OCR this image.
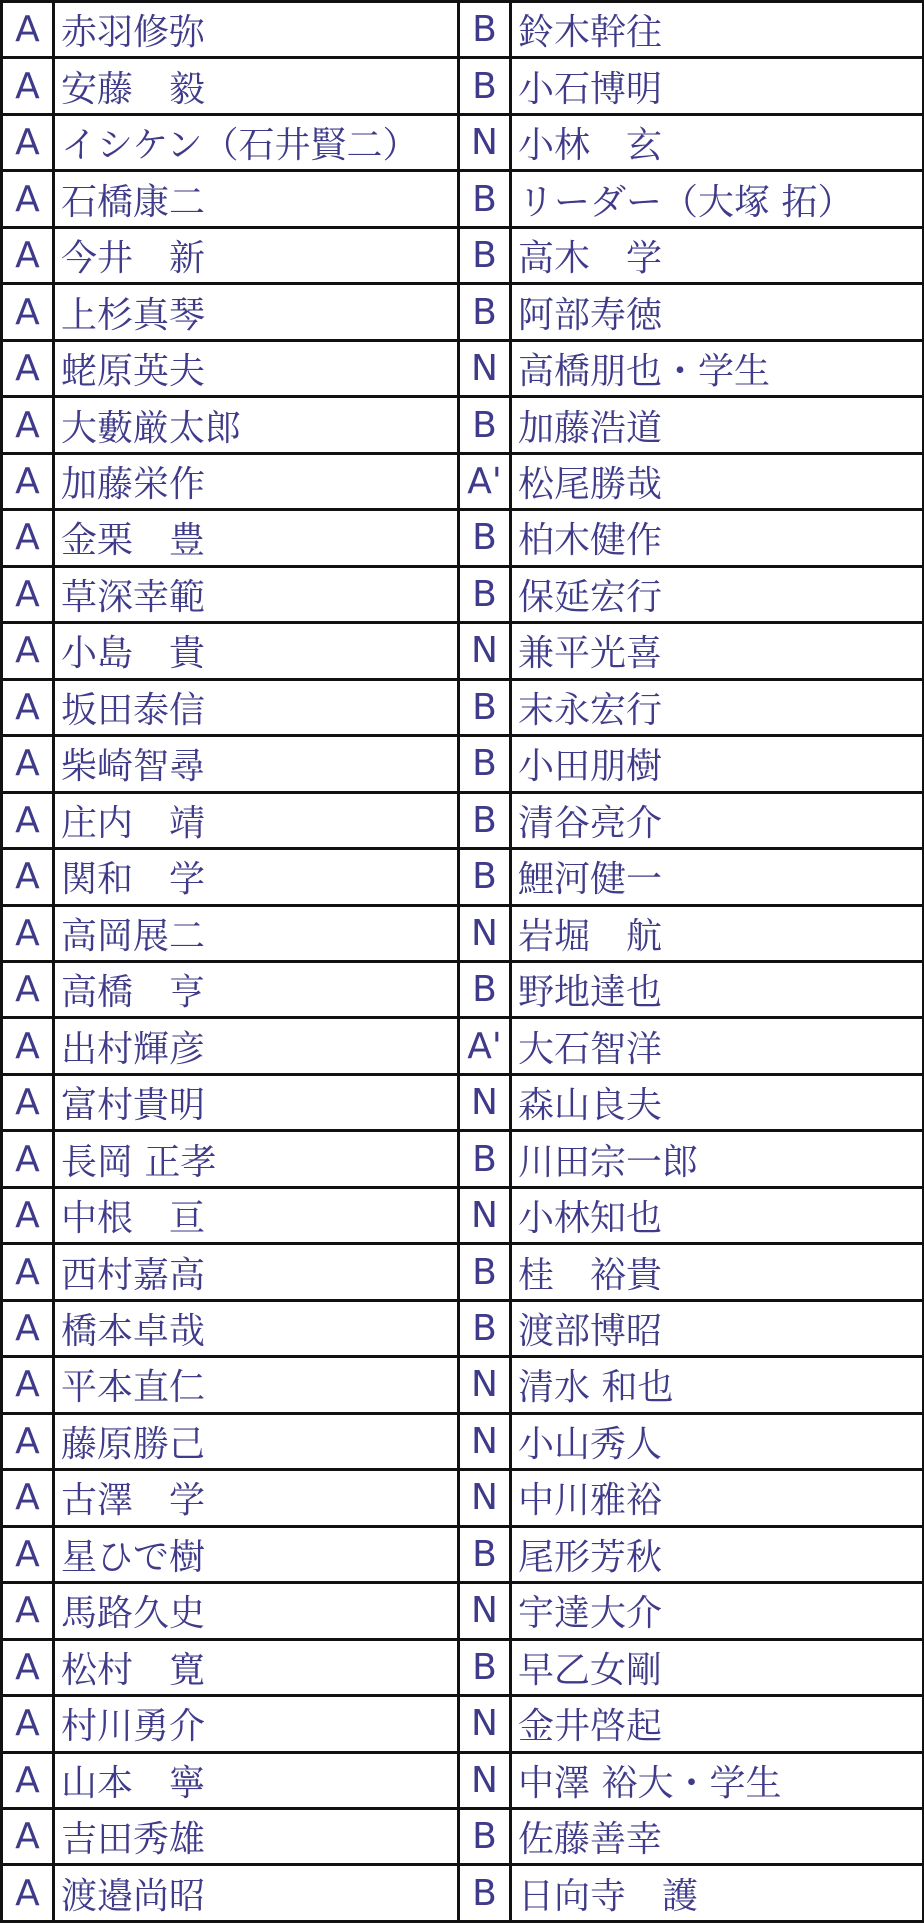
A	赤羽修弥	B	鈴木幹往
A	安藤　毅	B	小石博明
A	イシケン（石井賢二）	N	小林　玄
A	石橋康二	B	リーダー（大塚 拓）
A	今井　新	B	高木　学
A	上杉真琴	B	阿部寿徳
A	蛯原英夫	N	高橋朋也・学生
A	大藪厳太郎	B	加藤浩道
A	加藤栄作	A'	松尾勝哉
A	金栗　豊	B	柏木健作
A	草深幸範	B	保延宏行
A	小島　貴	N	兼平光喜
A	坂田泰信	B	末永宏行
A	柴崎智尋	B	小田朋樹
A	庄内　靖	B	清谷亮介
A	関和　学	B	鯉河健一
A	高岡展二	N	岩堀　航
A	高橋　亨	B	野地達也
A	出村輝彦	A'	大石智洋
A	富村貴明	N	森山良夫
A	長岡 正孝	B	川田宗一郎
A	中根　亘	N	小林知也
A	西村嘉高	B	桂　裕貴
A	橋本卓哉	B	渡部博昭
A	平本直仁	N	清水 和也
A	藤原勝己	N	小山秀人
A	古澤　学	N	中川雅裕
A	星ひで樹	B	尾形芳秋
A	馬路久史	N	宇達大介
A	松村　寛	B	早乙女剛
A	村川勇介	N	金井啓起
A	山本　寧	N	中澤 裕大・学生
A	吉田秀雄	B	佐藤善幸
A	渡邉尚昭	B	日向寺　護
